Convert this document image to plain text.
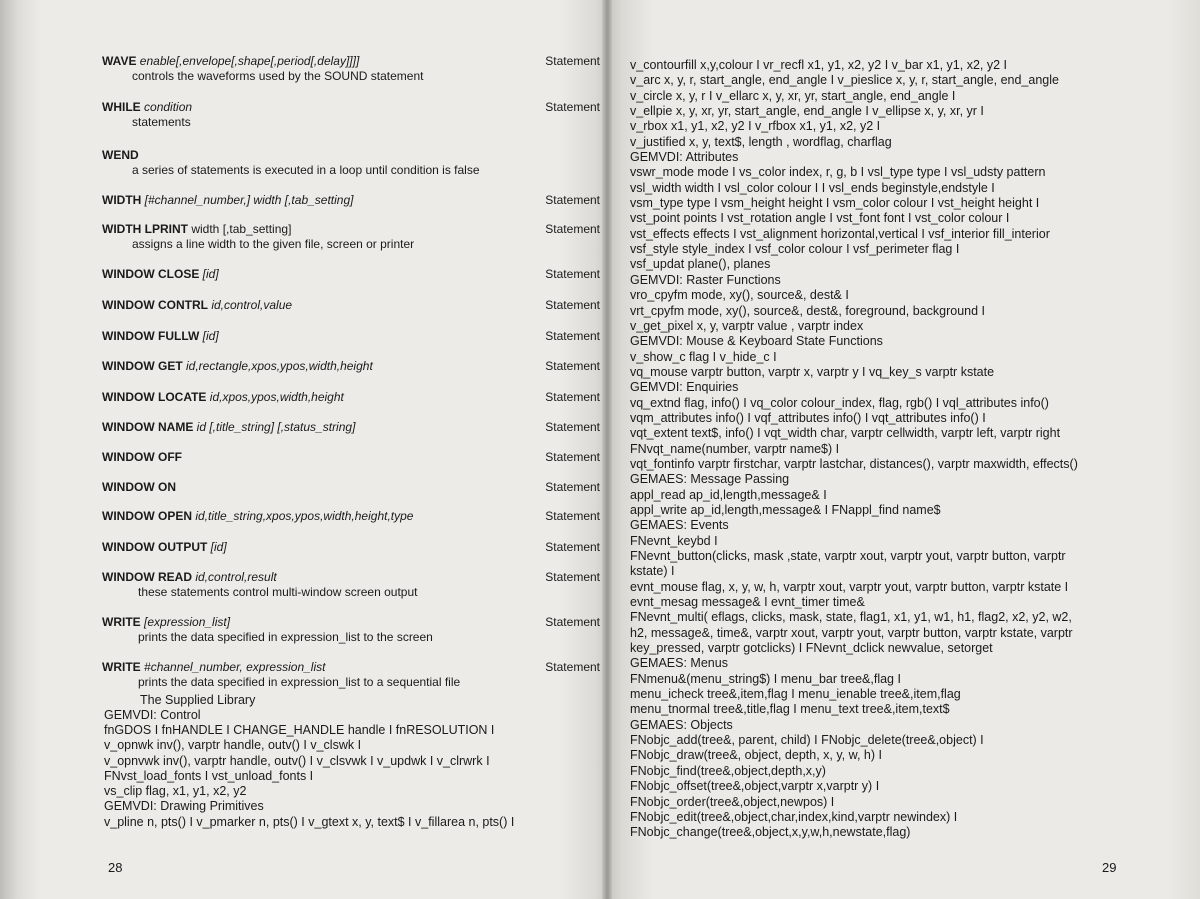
WAVE enable[,envelope[,shape[,period[,delay]]]]	Statement
controls the waveforms used by the SOUND statement
WHILE condition	Statement
statements
WEND
a series of statements is executed in a loop until condition is false
WIDTH [#channel_number,] width [,tab_setting]	Statement
WIDTH LPRINT width [,tab_setting]	Statement
assigns a line width to the given file, screen or printer
WINDOW CLOSE [id]	Statement
WINDOW CONTRL id,control,value	Statement
WINDOW FULLW [id]	Statement
WINDOW GET id,rectangle,xpos,ypos,width,height	Statement
WINDOW LOCATE id,xpos,ypos,width,height	Statement
WINDOW NAME id [,title_string] [,status_string]	Statement
WINDOW OFF	Statement
WINDOW ON	Statement
WINDOW OPEN id,title_string,xpos,ypos,width,height,type	Statement
WINDOW OUTPUT [id]	Statement
WINDOW READ id,control,result	Statement
these statements control multi-window screen output
WRITE [expression_list]	Statement
prints the data specified in expression_list to the screen
WRITE #channel_number, expression_list	Statement
prints the data specified in expression_list to a sequential file
The Supplied Library
GEMVDI: Control
fnGDOS I fnHANDLE I CHANGE_HANDLE handle I fnRESOLUTION I
v_opnwk inv(), varptr handle, outv() I v_clswk I
v_opnvwk inv(), varptr handle, outv() I v_clsvwk I v_updwk I v_clrwrk I
FNvst_load_fonts I vst_unload_fonts I
vs_clip flag, x1, y1, x2, y2
GEMVDI: Drawing Primitives
v_pline n, pts() I v_pmarker n, pts() I v_gtext x, y, text$ I v_fillarea n, pts() I
28
v_contourfill x,y,colour I vr_recfl x1, y1, x2, y2 I v_bar x1, y1, x2, y2 I
v_arc x, y, r, start_angle, end_angle I v_pieslice x, y, r, start_angle, end_angle
v_circle x, y, r I v_ellarc x, y, xr, yr, start_angle, end_angle I
v_ellpie x, y, xr, yr, start_angle, end_angle I v_ellipse x, y, xr, yr I
v_rbox x1, y1, x2, y2 I v_rfbox x1, y1, x2, y2 I
v_justified x, y, text$, length , wordflag, charflag
GEMVDI: Attributes
vswr_mode mode I vs_color index, r, g, b I vsl_type type I vsl_udsty pattern
vsl_width width I vsl_color colour I I vsl_ends beginstyle,endstyle I
vsm_type type I vsm_height height I vsm_color colour I vst_height height I
vst_point points I vst_rotation angle I vst_font font I vst_color colour I
vst_effects effects I vst_alignment horizontal,vertical I vsf_interior fill_interior
vsf_style style_index I vsf_color colour I vsf_perimeter flag I
vsf_updat plane(), planes
GEMVDI: Raster Functions
vro_cpyfm mode, xy(), source&, dest& I
vrt_cpyfm mode, xy(), source&, dest&, foreground, background I
v_get_pixel x, y, varptr value , varptr index
GEMVDI: Mouse & Keyboard State Functions
v_show_c flag I v_hide_c I
vq_mouse varptr button, varptr x, varptr y I vq_key_s varptr kstate
GEMVDI: Enquiries
vq_extnd flag, info() I vq_color colour_index, flag, rgb() I vql_attributes info()
vqm_attributes info() I vqf_attributes info() I vqt_attributes info() I
vqt_extent text$, info() I vqt_width char, varptr cellwidth, varptr left, varptr right
FNvqt_name(number, varptr name$) I
vqt_fontinfo varptr firstchar, varptr lastchar, distances(), varptr maxwidth, effects()
GEMAES: Message Passing
appl_read ap_id,length,message& I
appl_write ap_id,length,message& I FNappl_find name$
GEMAES: Events
FNevnt_keybd I
FNevnt_button(clicks, mask ,state, varptr xout, varptr yout, varptr button, varptr
kstate) I
evnt_mouse flag, x, y, w, h, varptr xout, varptr yout, varptr button, varptr kstate I
evnt_mesag message& I evnt_timer time&
FNevnt_multi( eflags, clicks, mask, state, flag1, x1, y1, w1, h1, flag2, x2, y2, w2,
h2, message&, time&, varptr xout, varptr yout, varptr button, varptr kstate, varptr
key_pressed, varptr gotclicks) I FNevnt_dclick newvalue, setorget
GEMAES: Menus
FNmenu&(menu_string$) I menu_bar tree&,flag I
menu_icheck tree&,item,flag I menu_ienable tree&,item,flag
menu_tnormal tree&,title,flag I menu_text tree&,item,text$
GEMAES: Objects
FNobjc_add(tree&, parent, child) I FNobjc_delete(tree&,object) I
FNobjc_draw(tree&, object, depth, x, y, w, h) I
FNobjc_find(tree&,object,depth,x,y)
FNobjc_offset(tree&,object,varptr x,varptr y) I
FNobjc_order(tree&,object,newpos) I
FNobjc_edit(tree&,object,char,index,kind,varptr newindex) I
FNobjc_change(tree&,object,x,y,w,h,newstate,flag)
29
